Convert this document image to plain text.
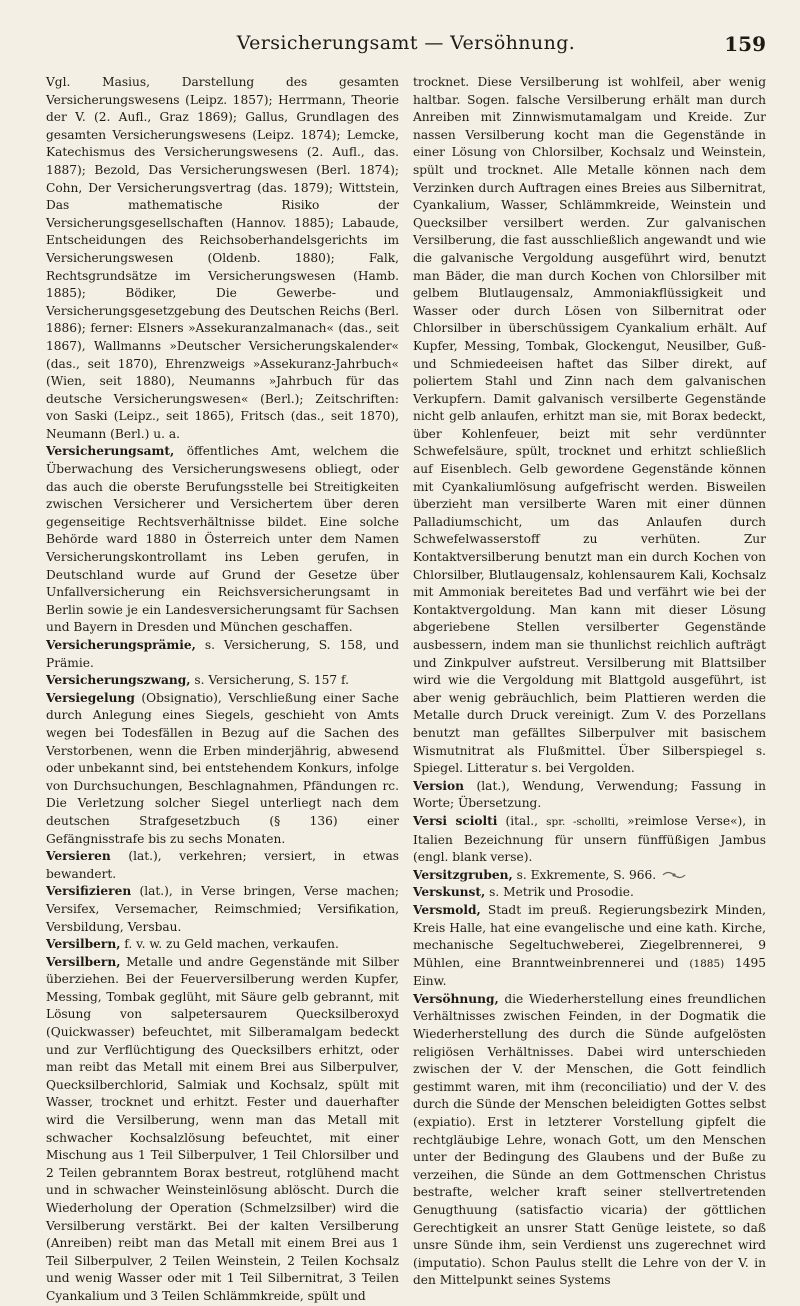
Versicherungsamt — Versöhnung.	159

Vgl. Masius, Darstellung des gesamten Versicherungswesens (Leipz. 1857); Herrmann, Theorie der V. (2. Aufl., Graz 1869); Gallus, Grundlagen des gesamten Versicherungswesens (Leipz. 1874); Lemcke, Katechismus des Versicherungswesens (2. Aufl., das. 1887); Bezold, Das Versicherungswesen (Berl. 1874); Cohn, Der Versicherungsvertrag (das. 1879); Wittstein, Das mathematische Risiko der Versicherungsgesellschaften (Hannov. 1885); Labaude, Entscheidungen des Reichsoberhandelsgerichts im Versicherungswesen (Oldenb. 1880); Falk, Rechtsgrundsätze im Versicherungswesen (Hamb. 1885); Bödiker, Die Gewerbe- und Versicherungsgesetzgebung des Deutschen Reichs (Berl. 1886); ferner: Elsners »Assekuranzalmanach« (das., seit 1867), Wallmanns »Deutscher Versicherungskalender« (das., seit 1870), Ehrenzweigs »Assekuranz-Jahrbuch« (Wien, seit 1880), Neumanns »Jahrbuch für das deutsche Versicherungswesen« (Berl.); Zeitschriften: von Saski (Leipz., seit 1865), Fritsch (das., seit 1870), Neumann (Berl.) u. a.

Versicherungsamt, öffentliches Amt, welchem die Überwachung des Versicherungswesens obliegt, oder das auch die oberste Berufungsstelle bei Streitigkeiten zwischen Versicherer und Versichertem über deren gegenseitige Rechtsverhältnisse bildet. Eine solche Behörde ward 1880 in Österreich unter dem Namen Versicherungskontrollamt ins Leben gerufen, in Deutschland wurde auf Grund der Gesetze über Unfallversicherung ein Reichsversicherungsamt in Berlin sowie je ein Landesversicherungsamt für Sachsen und Bayern in Dresden und München geschaffen.

Versicherungsprämie, s. Versicherung, S. 158, und Prämie.

Versicherungszwang, s. Versicherung, S. 157 f.

Versiegelung (Obsignatio), Verschließung einer Sache durch Anlegung eines Siegels, geschieht von Amts wegen bei Todesfällen in Bezug auf die Sachen des Verstorbenen, wenn die Erben minderjährig, abwesend oder unbekannt sind, bei entstehendem Konkurs, infolge von Durchsuchungen, Beschlagnahmen, Pfändungen rc. Die Verletzung solcher Siegel unterliegt nach dem deutschen Strafgesetzbuch (§ 136) einer Gefängnisstrafe bis zu sechs Monaten.

Versieren (lat.), verkehren; versiert, in etwas bewandert.

Versifizieren (lat.), in Verse bringen, Verse machen; Versifex, Versemacher, Reimschmied; Versifikation, Versbildung, Versbau.

Versilbern, f. v. w. zu Geld machen, verkaufen.

Versilbern, Metalle und andre Gegenstände mit Silber überziehen. Bei der Feuerversilberung werden Kupfer, Messing, Tombak geglüht, mit Säure gelb gebrannt, mit Lösung von salpetersaurem Quecksilberoxyd (Quickwasser) befeuchtet, mit Silberamalgam bedeckt und zur Verflüchtigung des Quecksilbers erhitzt, oder man reibt das Metall mit einem Brei aus Silberpulver, Quecksilberchlorid, Salmiak und Kochsalz, spült mit Wasser, trocknet und erhitzt. Fester und dauerhafter wird die Versilberung, wenn man das Metall mit schwacher Kochsalzlösung befeuchtet, mit einer Mischung aus 1 Teil Silberpulver, 1 Teil Chlorsilber und 2 Teilen gebranntem Borax bestreut, rotglühend macht und in schwacher Weinsteinlösung ablöscht. Durch die Wiederholung der Operation (Schmelzsilber) wird die Versilberung verstärkt. Bei der kalten Versilberung (Anreiben) reibt man das Metall mit einem Brei aus 1 Teil Silberpulver, 2 Teilen Weinstein, 2 Teilen Kochsalz und wenig Wasser oder mit 1 Teil Silbernitrat, 3 Teilen Cyankalium und 3 Teilen Schlämmkreide, spült und

trocknet. Diese Versilberung ist wohlfeil, aber wenig haltbar. Sogen. falsche Versilberung erhält man durch Anreiben mit Zinnwismutamalgam und Kreide. Zur nassen Versilberung kocht man die Gegenstände in einer Lösung von Chlorsilber, Kochsalz und Weinstein, spült und trocknet. Alle Metalle können nach dem Verzinken durch Auftragen eines Breies aus Silbernitrat, Cyankalium, Wasser, Schlämmkreide, Weinstein und Quecksilber versilbert werden. Zur galvanischen Versilberung, die fast ausschließlich angewandt und wie die galvanische Vergoldung ausgeführt wird, benutzt man Bäder, die man durch Kochen von Chlorsilber mit gelbem Blutlaugensalz, Ammoniakflüssigkeit und Wasser oder durch Lösen von Silbernitrat oder Chlorsilber in überschüssigem Cyankalium erhält. Auf Kupfer, Messing, Tombak, Glockengut, Neusilber, Guß- und Schmiedeeisen haftet das Silber direkt, auf poliertem Stahl und Zinn nach dem galvanischen Verkupfern. Damit galvanisch versilberte Gegenstände nicht gelb anlaufen, erhitzt man sie, mit Borax bedeckt, über Kohlenfeuer, beizt mit sehr verdünnter Schwefelsäure, spült, trocknet und erhitzt schließlich auf Eisenblech. Gelb gewordene Gegenstände können mit Cyankaliumlösung aufgefrischt werden. Bisweilen überzieht man versilberte Waren mit einer dünnen Palladiumschicht, um das Anlaufen durch Schwefelwasserstoff zu verhüten. Zur Kontaktversilberung benutzt man ein durch Kochen von Chlorsilber, Blutlaugensalz, kohlensaurem Kali, Kochsalz mit Ammoniak bereitetes Bad und verfährt wie bei der Kontaktvergoldung. Man kann mit dieser Lösung abgeriebene Stellen versilberter Gegenstände ausbessern, indem man sie thunlichst reichlich aufträgt und Zinkpulver aufstreut. Versilberung mit Blattsilber wird wie die Vergoldung mit Blattgold ausgeführt, ist aber wenig gebräuchlich, beim Plattieren werden die Metalle durch Druck vereinigt. Zum V. des Porzellans benutzt man gefälltes Silberpulver mit basischem Wismutnitrat als Flußmittel. Über Silberspiegel s. Spiegel. Litteratur s. bei Vergolden.

Version (lat.), Wendung, Verwendung; Fassung in Worte; Übersetzung.

Versi sciolti (ital., spr. -schollti, »reimlose Verse«), in Italien Bezeichnung für unsern fünffüßigen Jambus (engl. blank verse).

Versitzgruben, s. Exkremente, S. 966.

Verskunst, s. Metrik und Prosodie.

Versmold, Stadt im preuß. Regierungsbezirk Minden, Kreis Halle, hat eine evangelische und eine kath. Kirche, mechanische Segeltuchweberei, Ziegelbrennerei, 9 Mühlen, eine Branntweinbrennerei und (1885) 1495 Einw.

Versöhnung, die Wiederherstellung eines freundlichen Verhältnisses zwischen Feinden, in der Dogmatik die Wiederherstellung des durch die Sünde aufgelösten religiösen Verhältnisses. Dabei wird unterschieden zwischen der V. der Menschen, die Gott feindlich gestimmt waren, mit ihm (reconciliatio) und der V. des durch die Sünde der Menschen beleidigten Gottes selbst (expiatio). Erst in letzterer Vorstellung gipfelt die rechtgläubige Lehre, wonach Gott, um den Menschen unter der Bedingung des Glaubens und der Buße zu verzeihen, die Sünde an dem Gottmenschen Christus bestrafte, welcher kraft seiner stellvertretenden Genugthuung (satisfactio vicaria) der göttlichen Gerechtigkeit an unsrer Statt Genüge leistete, so daß unsre Sünde ihm, sein Verdienst uns zugerechnet wird (imputatio). Schon Paulus stellt die Lehre von der V. in den Mittelpunkt seines Systems
